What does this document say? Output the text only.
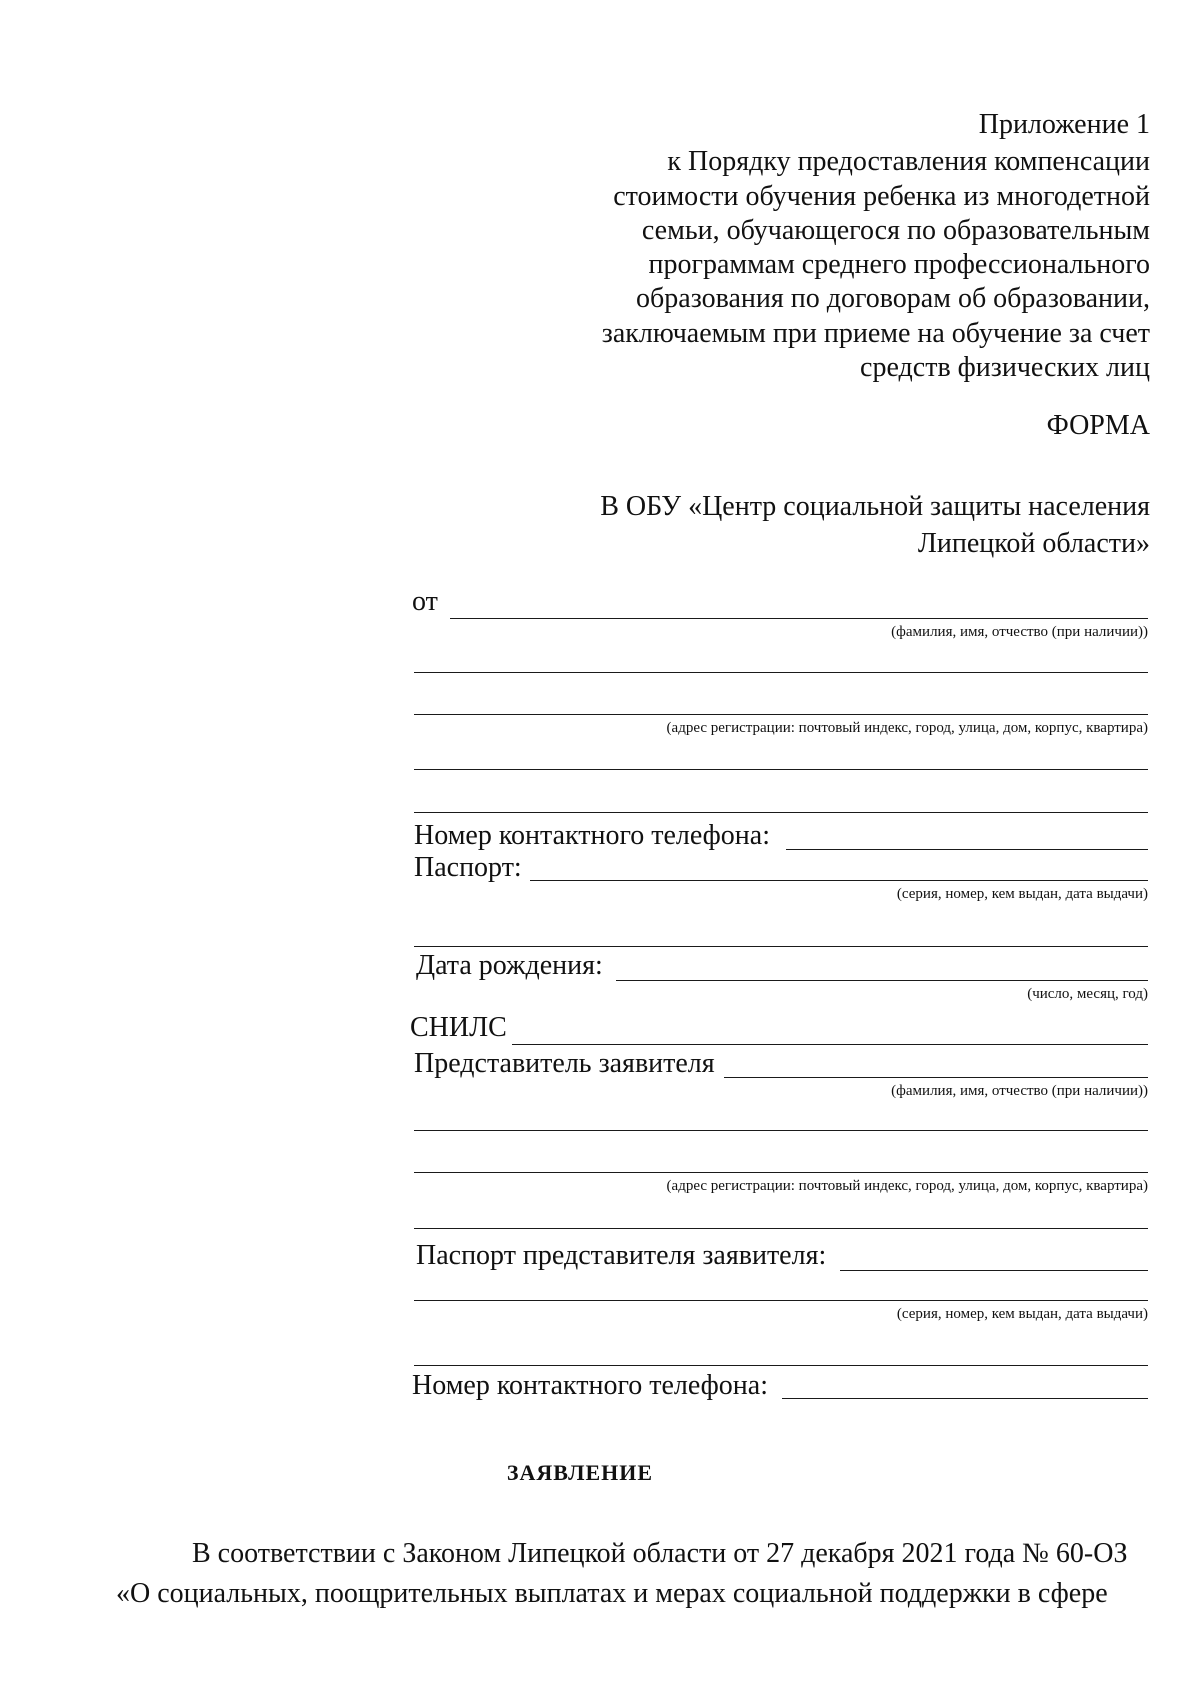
Приложение 1
к Порядку предоставления компенсации
стоимости обучения ребенка из многодетной
семьи, обучающегося по образовательным
программам среднего профессионального
образования по договорам об образовании,
заключаемым при приеме на обучение за счет
средств физических лиц
ФОРМА
В ОБУ «Центр социальной защиты населения
Липецкой области»
от
(фамилия, имя, отчество (при наличии))
(адрес регистрации: почтовый индекс, город, улица, дом, корпус, квартира)
Номер контактного телефона:
Паспорт:
(серия, номер, кем выдан, дата выдачи)
Дата рождения:
(число, месяц, год)
СНИЛС
Представитель заявителя
(фамилия, имя, отчество (при наличии))
(адрес регистрации: почтовый индекс, город, улица, дом, корпус, квартира)
Паспорт представителя заявителя:
(серия, номер, кем выдан, дата выдачи)
Номер контактного телефона:
ЗАЯВЛЕНИЕ
В соответствии с Законом Липецкой области от 27 декабря 2021 года № 60-ОЗ
«О социальных, поощрительных выплатах и мерах социальной поддержки в сфере
